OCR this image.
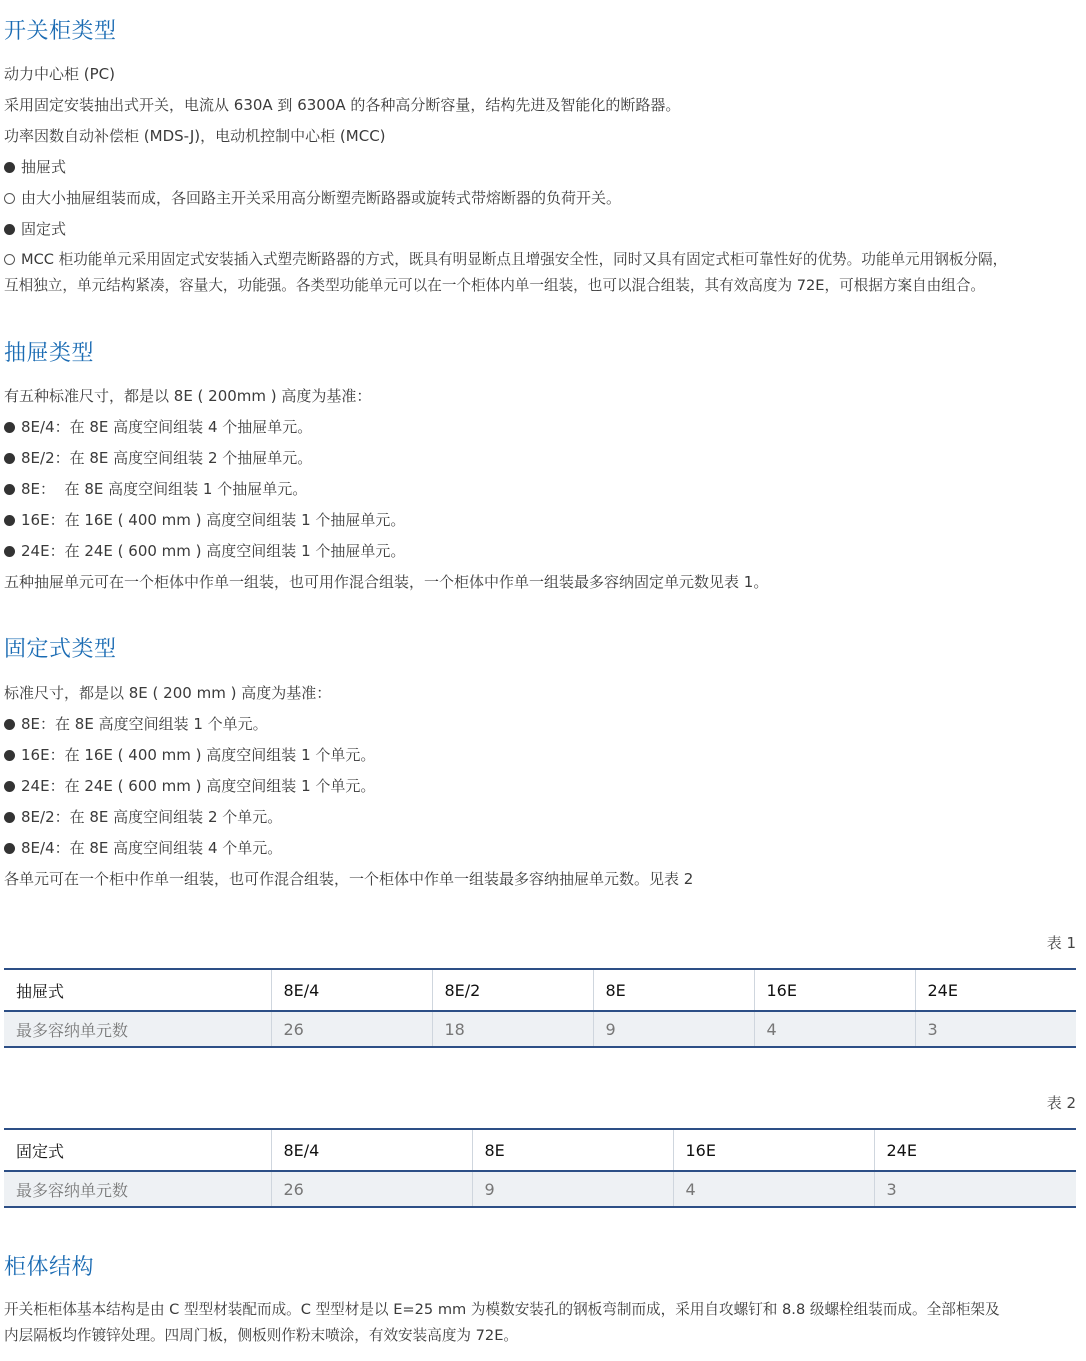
开关柜类型
动力中心柜 (PC)
采用固定安装抽出式开关，电流从 630A 到 6300A 的各种高分断容量，结构先进及智能化的断路器。
功率因数自动补偿柜 (MDS-J)，电动机控制中心柜 (MCC)
抽屉式
由大小抽屉组装而成，各回路主开关采用高分断塑壳断路器或旋转式带熔断器的负荷开关。
固定式
MCC 柜功能单元采用固定式安装插入式塑壳断路器的方式，既具有明显断点且增强安全性，同时又具有固定式柜可靠性好的优势。功能单元用钢板分隔，
互相独立，单元结构紧凑，容量大，功能强。各类型功能单元可以在一个柜体内单一组装，也可以混合组装，其有效高度为 72E，可根据方案自由组合。
抽屉类型
有五种标准尺寸，都是以 8E ( 200mm ) 高度为基准：
8E/4：在 8E 高度空间组装 4 个抽屉单元。
8E/2：在 8E 高度空间组装 2 个抽屉单元。
8E：  在 8E 高度空间组装 1 个抽屉单元。
16E：在 16E ( 400 mm ) 高度空间组装 1 个抽屉单元。
24E：在 24E ( 600 mm ) 高度空间组装 1 个抽屉单元。
五种抽屉单元可在一个柜体中作单一组装，也可用作混合组装，一个柜体中作单一组装最多容纳固定单元数见表 1。
固定式类型
标准尺寸，都是以 8E ( 200 mm ) 高度为基准：
8E：在 8E 高度空间组装 1 个单元。
16E：在 16E ( 400 mm ) 高度空间组装 1 个单元。
24E：在 24E ( 600 mm ) 高度空间组装 1 个单元。
8E/2：在 8E 高度空间组装 2 个单元。
8E/4：在 8E 高度空间组装 4 个单元。
各单元可在一个柜中作单一组装，也可作混合组装，一个柜体中作单一组装最多容纳抽屉单元数。见表 2
表 1
抽屉式	8E/4	8E/2	8E	16E	24E
最多容纳单元数	26	18	9	4	3
表 2
固定式	8E/4	8E	16E	24E
最多容纳单元数	26	9	4	3
柜体结构
开关柜柜体基本结构是由 C 型型材装配而成。C 型型材是以 E=25 mm 为模数安装孔的钢板弯制而成，采用自攻螺钉和 8.8 级螺栓组装而成。全部柜架及
内层隔板均作镀锌处理。四周门板，侧板则作粉末喷涂，有效安装高度为 72E。
